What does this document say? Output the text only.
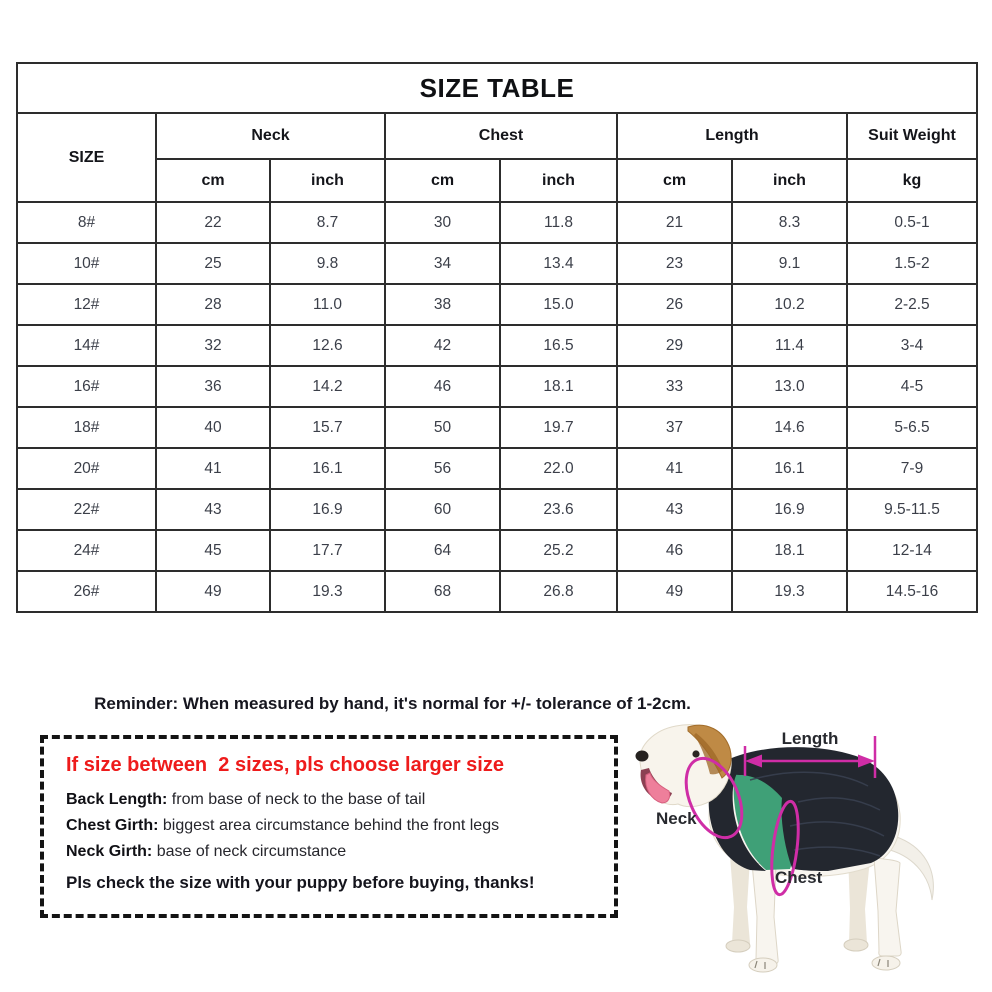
SIZE TABLE							
SIZE	Neck		Chest		Length		Suit Weight
	cm	inch	cm	inch	cm	inch	kg
8#	22	8.7	30	11.8	21	8.3	0.5-1
10#	25	9.8	34	13.4	23	9.1	1.5-2
12#	28	11.0	38	15.0	26	10.2	2-2.5
14#	32	12.6	42	16.5	29	11.4	3-4
16#	36	14.2	46	18.1	33	13.0	4-5
18#	40	15.7	50	19.7	37	14.6	5-6.5
20#	41	16.1	56	22.0	41	16.1	7-9
22#	43	16.9	60	23.6	43	16.9	9.5-11.5
24#	45	17.7	64	25.2	46	18.1	12-14
26#	49	19.3	68	26.8	49	19.3	14.5-16

Reminder: When measured by hand, it's normal for +/- tolerance of 1-2cm.

If size between  2 sizes, pls choose larger size

Back Length: from base of neck to the base of tail

Chest Girth: biggest area circumstance behind the front legs

Neck Girth: base of neck circumstance

Pls check the size with your puppy before buying, thanks!

Length
Neck
Chest
